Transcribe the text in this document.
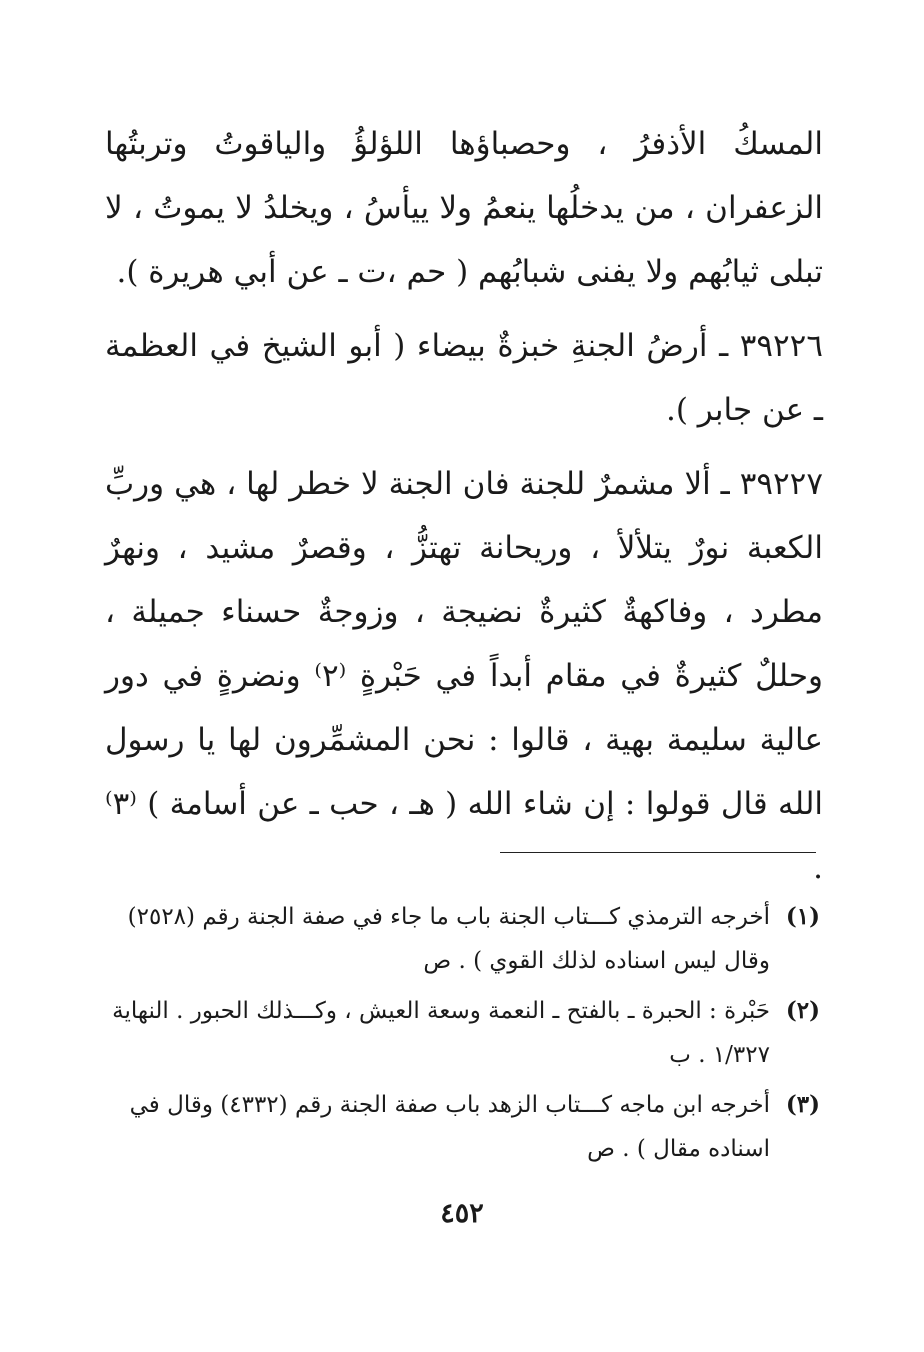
المسكُ الأذفرُ ، وحصباؤها اللؤلؤُ والياقوتُ وتربتُها الزعفران ، من يدخلُها ينعمُ ولا ييأسُ ، ويخلدُ لا يموتُ ، لا تبلى ثيابُهم ولا يفنى شبابُهم ( حم ،ت ـ عن أبي هريرة ).

٣٩٢٢٦ ـ أرضُ الجنةِ خبزةٌ بيضاء ( أبو الشيخ في العظمة ـ عن جابر ).

٣٩٢٢٧ ـ ألا مشمرٌ للجنة فان الجنة لا خطر لها ، هي وربِّ الكعبة نورٌ يتلألأ ، وريحانة تهتزُّ ، وقصرٌ مشيد ، ونهرٌ مطرد ، وفاكهةٌ كثيرةٌ نضيجة ، وزوجةٌ حسناء جميلة ، وحللٌ كثيرةٌ في مقام أبداً في حَبْرةٍ ⁽٢⁾ ونضرةٍ في دور عالية سليمة بهية ، قالوا : نحن المشمِّرون لها يا رسول الله قال قولوا : إن شاء الله ( هـ ، حب ـ عن أسامة ) ⁽٣⁾ .

(١)
أخرجه الترمذي كـــتاب الجنة باب ما جاء في صفة الجنة رقم (٢٥٢٨) وقال ليس اسناده لذلك القوي ) . ص
(٢)
حَبْرة : الحبرة ـ بالفتح ـ النعمة وسعة العيش ، وكـــذلك الحبور . النهاية ١/٣٢٧ . ب
(٣)
أخرجه ابن ماجه كـــتاب الزهد باب صفة الجنة رقم (٤٣٣٢) وقال في اسناده مقال ) . ص
٤٥٢
